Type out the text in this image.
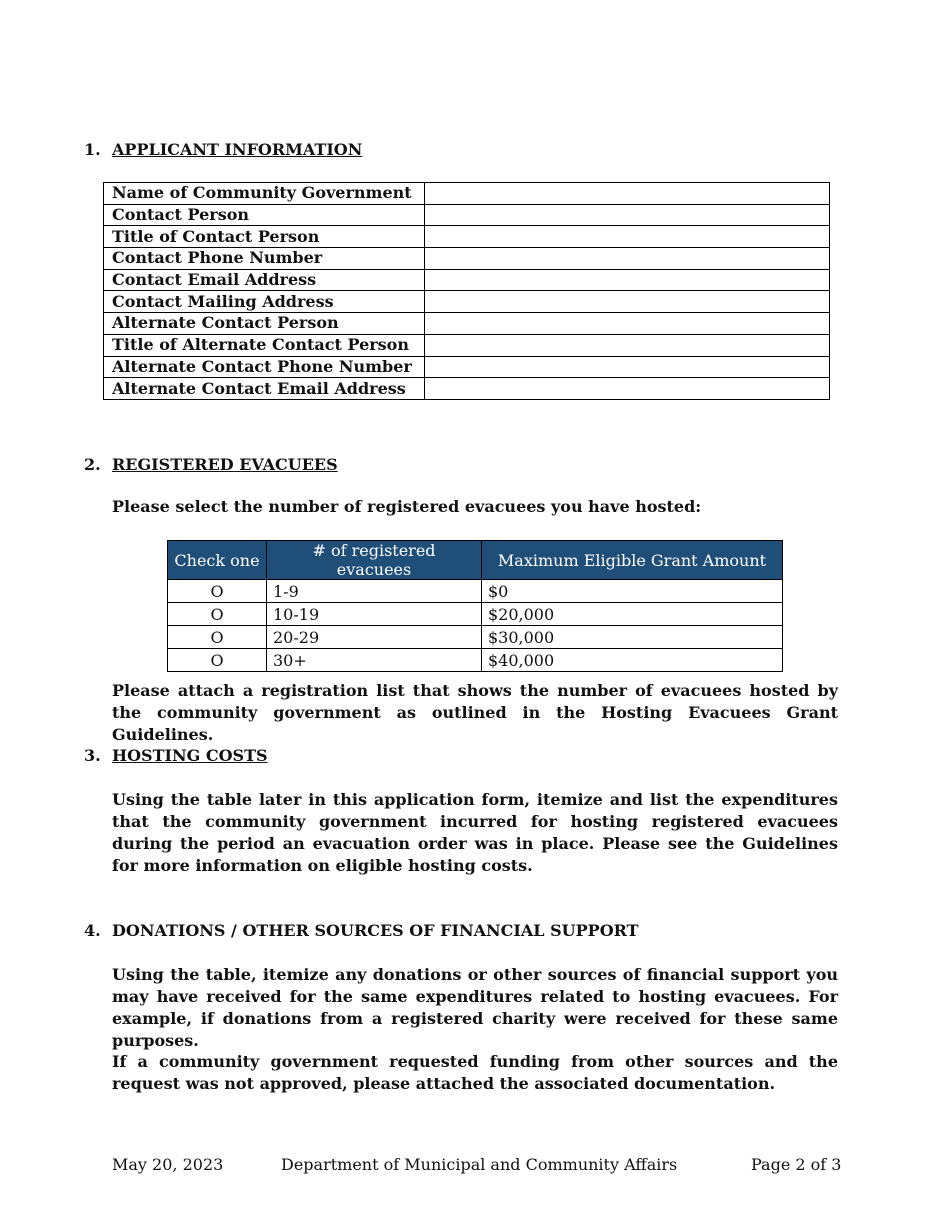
1. APPLICANT INFORMATION
Name of Community Government	
Contact Person	
Title of Contact Person	
Contact Phone Number	
Contact Email Address	
Contact Mailing Address	
Alternate Contact Person	
Title of Alternate Contact Person	
Alternate Contact Phone Number	
Alternate Contact Email Address	
2. REGISTERED EVACUEES
Please select the number of registered evacuees you have hosted:
Check one	# of registered evacuees	Maximum Eligible Grant Amount
O	1-9	$0
O	10-19	$20,000
O	20-29	$30,000
O	30+	$40,000
Please attach a registration list that shows the number of evacuees hosted by the community government as outlined in the Hosting Evacuees Grant Guidelines.
3. HOSTING COSTS
Using the table later in this application form, itemize and list the expenditures that the community government incurred for hosting registered evacuees during the period an evacuation order was in place. Please see the Guidelines for more information on eligible hosting costs.
4. DONATIONS / OTHER SOURCES OF FINANCIAL SUPPORT
Using the table, itemize any donations or other sources of financial support you may have received for the same expenditures related to hosting evacuees. For example, if donations from a registered charity were received for these same purposes.
If a community government requested funding from other sources and the request was not approved, please attached the associated documentation.
May 20, 2023	Department of Municipal and Community Affairs	Page 2 of 3
